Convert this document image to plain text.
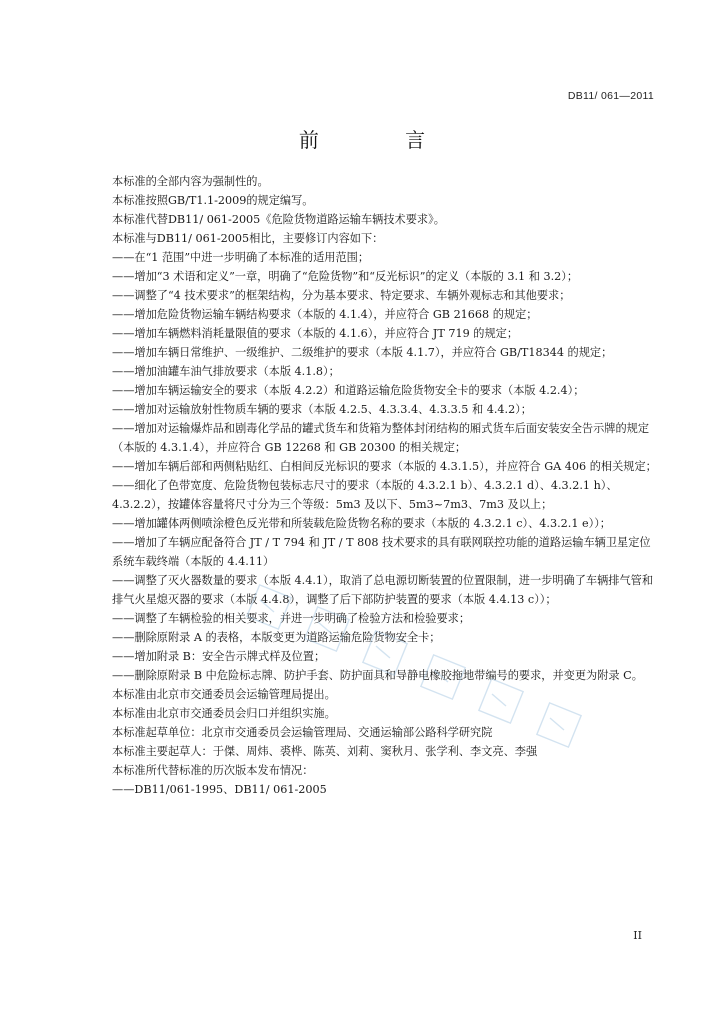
DB11/ 061—2011
前 言

本标准的全部内容为强制性的。

本标准按照GB/T1.1-2009的规定编写。

本标准代替DB11/ 061-2005《危险货物道路运输车辆技术要求》。

本标准与DB11/ 061-2005相比，主要修订内容如下：

——在“1 范围”中进一步明确了本标准的适用范围；

——增加“3 术语和定义”一章，明确了“危险货物”和“反光标识”的定义（本版的 3.1 和 3.2）；

——调整了“4 技术要求”的框架结构，分为基本要求、特定要求、车辆外观标志和其他要求；

——增加危险货物运输车辆结构要求（本版的 4.1.4），并应符合 GB 21668 的规定；

——增加车辆燃料消耗量限值的要求（本版的 4.1.6），并应符合 JT 719 的规定；

——增加车辆日常维护、一级维护、二级维护的要求（本版 4.1.7），并应符合 GB/T18344 的规定；

——增加油罐车油气排放要求（本版 4.1.8）；

——增加车辆运输安全的要求（本版 4.2.2）和道路运输危险货物安全卡的要求（本版 4.2.4）；

——增加对运输放射性物质车辆的要求（本版 4.2.5、4.3.3.4、4.3.3.5 和 4.4.2）；

——增加对运输爆炸品和剧毒化学品的罐式货车和货箱为整体封闭结构的厢式货车后面安装安全告示牌的规定（本版的 4.3.1.4），并应符合 GB 12268 和 GB 20300 的相关规定；

——增加车辆后部和两侧粘贴红、白相间反光标识的要求（本版的 4.3.1.5），并应符合 GA 406 的相关规定；

——细化了色带宽度、危险货物包装标志尺寸的要求（本版的 4.3.2.1 b）、4.3.2.1 d）、4.3.2.1 h）、4.3.2.2），按罐体容量将尺寸分为三个等级：5m3 及以下、5m3~7m3、7m3 及以上；

——增加罐体两侧喷涂橙色反光带和所装载危险货物名称的要求（本版的 4.3.2.1 c）、4.3.2.1 e））；

——增加了车辆应配备符合 JT / T 794 和 JT / T 808 技术要求的具有联网联控功能的道路运输车辆卫星定位系统车载终端（本版的 4.4.11）

——调整了灭火器数量的要求（本版 4.4.1），取消了总电源切断装置的位置限制，进一步明确了车辆排气管和排气火星熄灭器的要求（本版 4.4.8），调整了后下部防护装置的要求（本版 4.4.13 c））；

——调整了车辆检验的相关要求，并进一步明确了检验方法和检验要求；

——删除原附录 A 的表格，本版变更为道路运输危险货物安全卡；

——增加附录 B：安全告示牌式样及位置；

——删除原附录 B 中危险标志牌、防护手套、防护面具和导静电橡胶拖地带编号的要求，并变更为附录 C。

本标准由北京市交通委员会运输管理局提出。

本标准由北京市交通委员会归口并组织实施。

本标准起草单位：北京市交通委员会运输管理局、交通运输部公路科学研究院

本标准主要起草人：于傑、周炜、裘桦、陈英、刘莉、窦秋月、张学利、李文亮、李强

本标准所代替标准的历次版本发布情况：

——DB11/061-1995、DB11/ 061-2005

II
